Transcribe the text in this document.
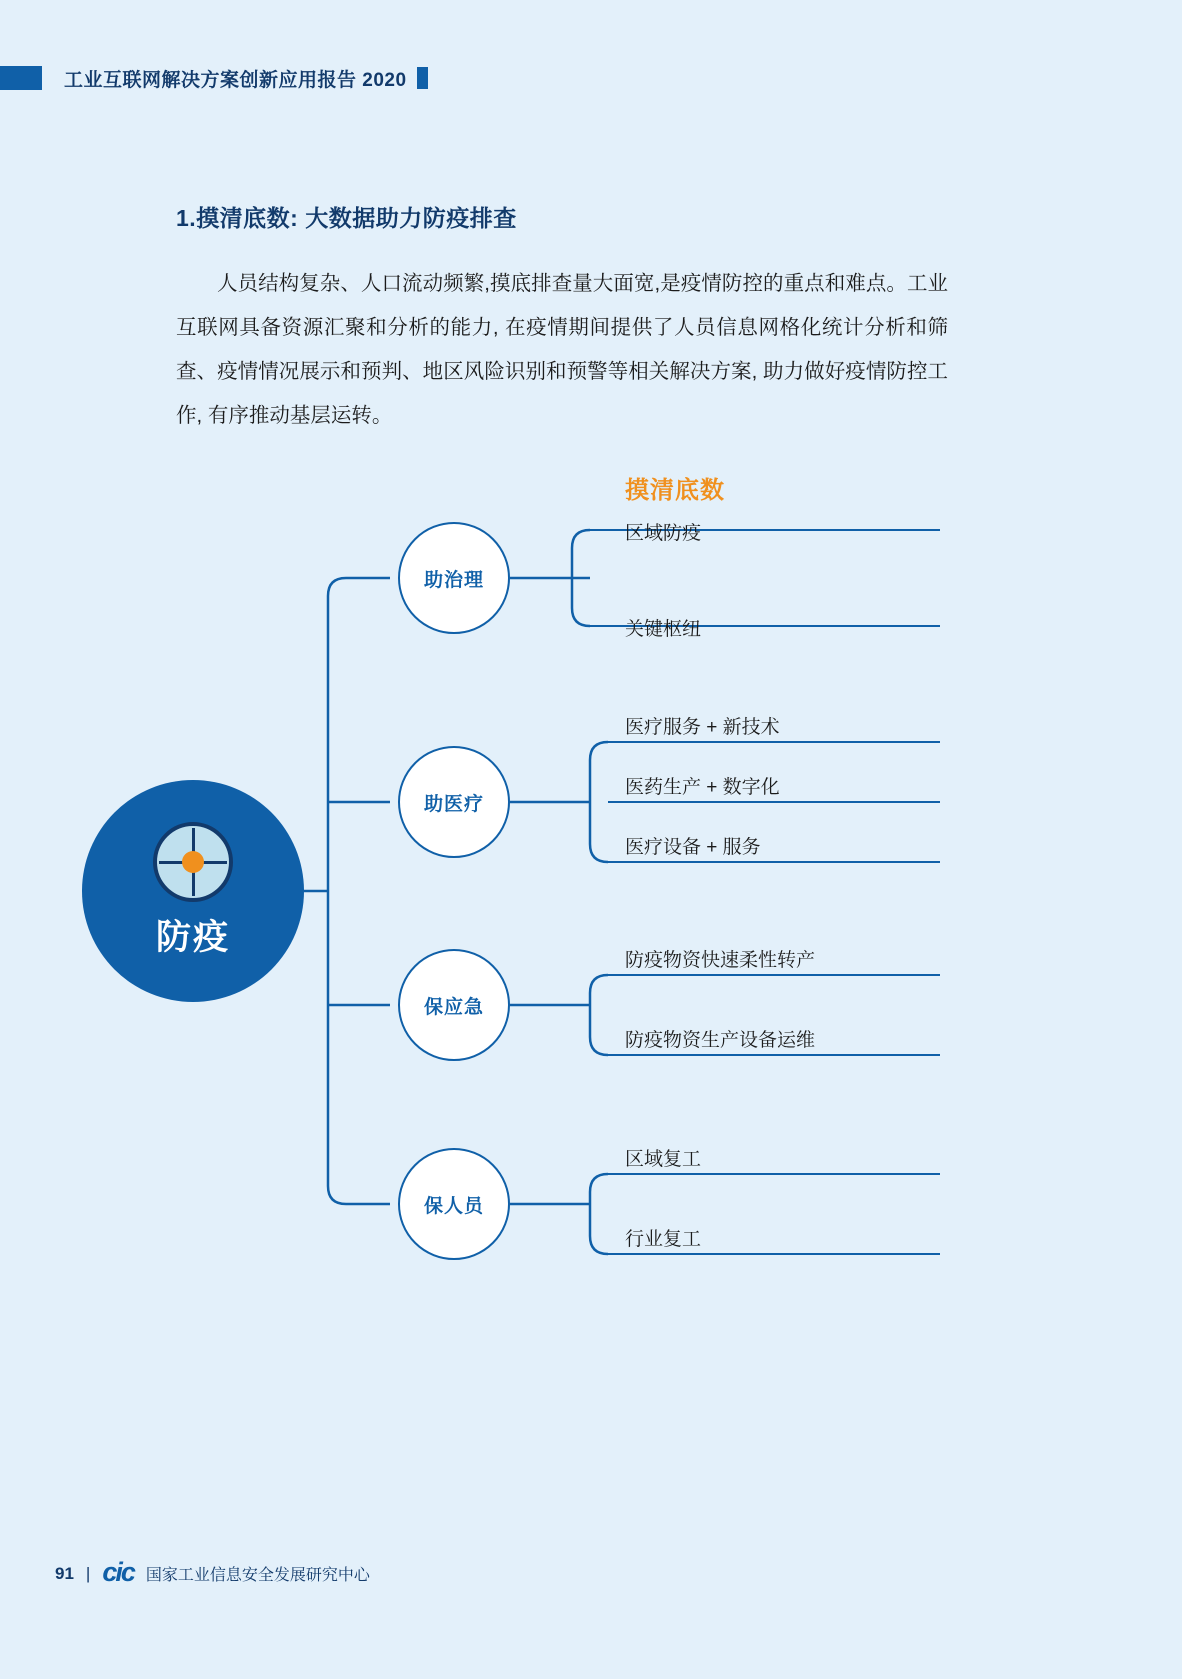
工业互联网解决方案创新应用报告 2020
1.摸清底数: 大数据助力防疫排查
人员结构复杂、人口流动频繁,摸底排查量大面宽,是疫情防控的重点和难点。工业互联网具备资源汇聚和分析的能力, 在疫情期间提供了人员信息网格化统计分析和筛查、疫情情况展示和预判、地区风险识别和预警等相关解决方案, 助力做好疫情防控工作, 有序推动基层运转。
防疫
摸清底数
助治理
区域防疫
关键枢纽
助医疗
医疗服务 + 新技术
医药生产 + 数字化
医疗设备 + 服务
保应急
防疫物资快速柔性转产
防疫物资生产设备运维
保人员
区域复工
行业复工
91 | cic 国家工业信息安全发展研究中心
